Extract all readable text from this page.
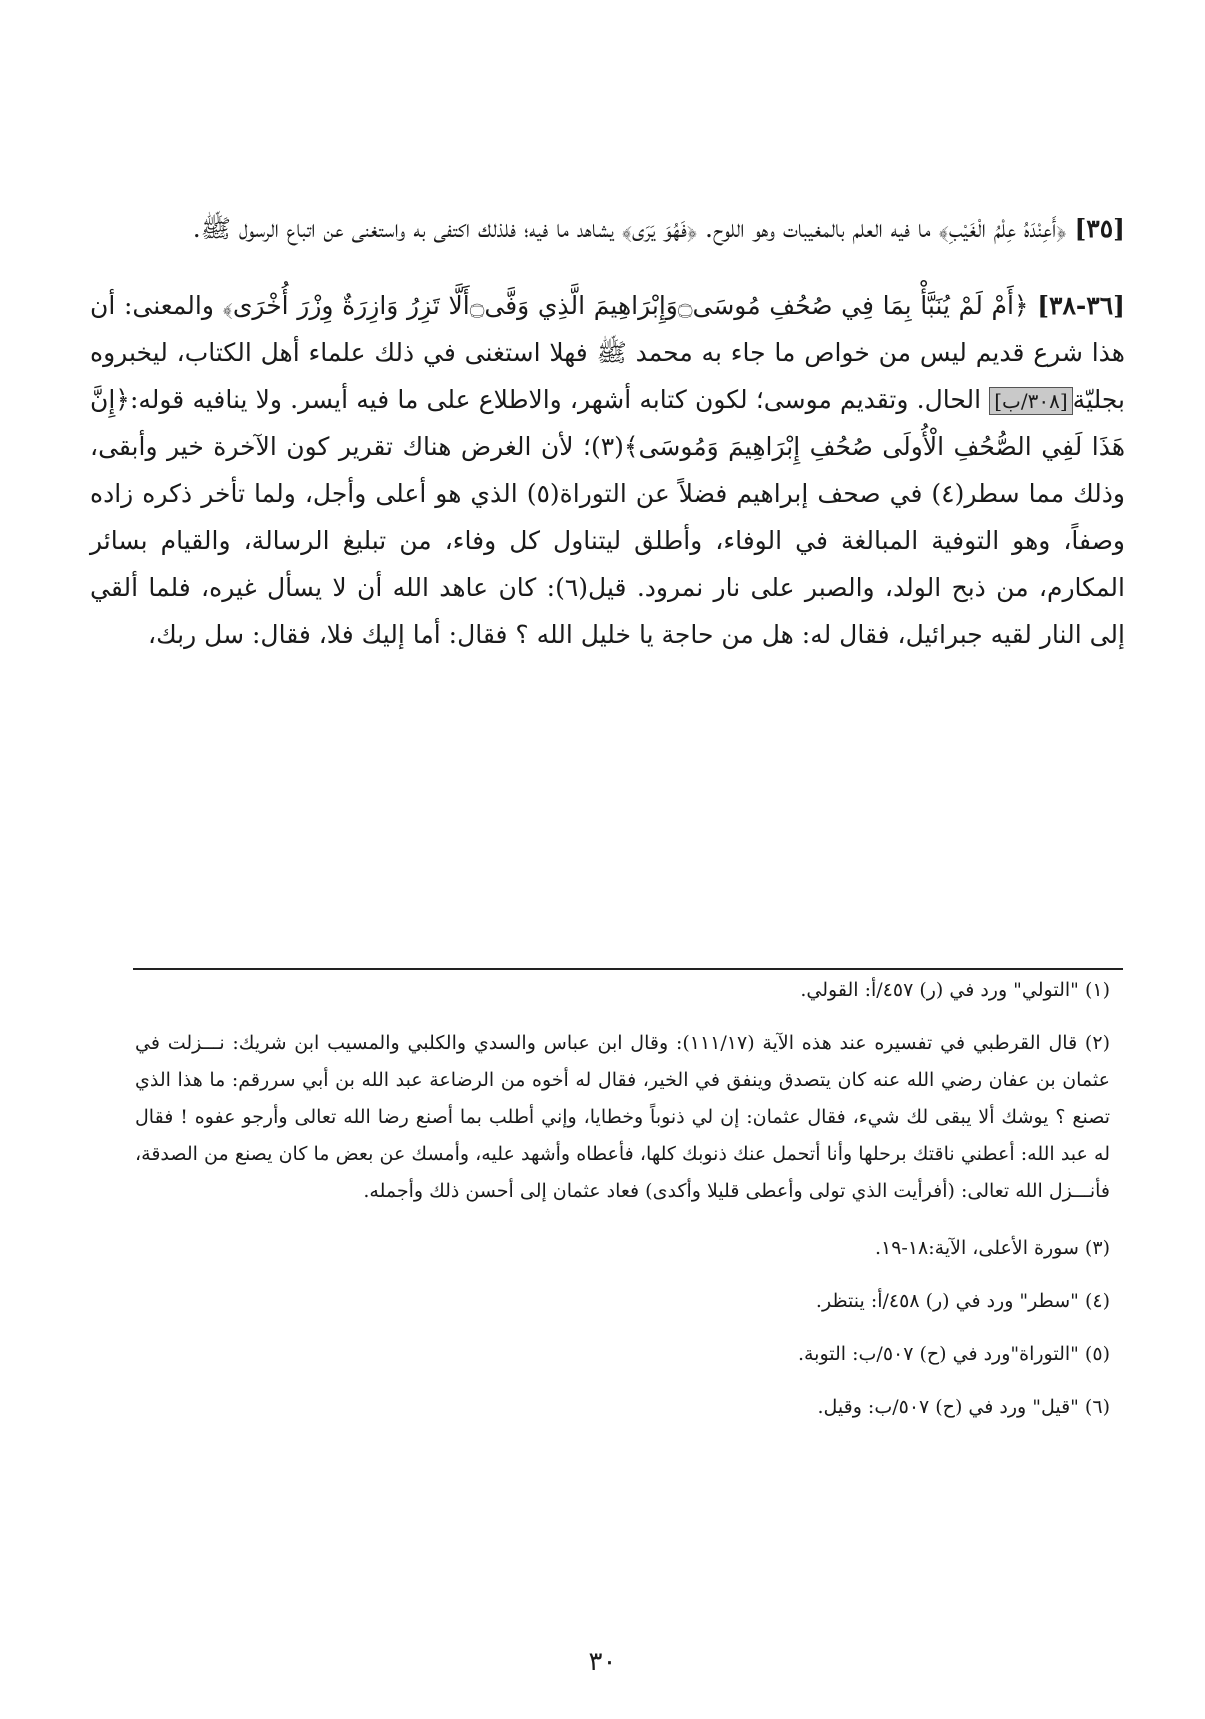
[٣٥] ﴿أَعِنْدَهُ عِلْمُ الْغَيْبِ﴾ ما فيه العلم بالمغيبات وهو اللوح. ﴿فَهُوَ يَرَى﴾ يشاهد ما فيه؛ فلذلك اكتفى به واستغنى عن اتباع الرسول ﷺ.

[٣٦-٣٨] ﴿أَمْ لَمْ يُنَبَّأْ بِمَا فِي صُحُفِ مُوسَى۝وَإِبْرَاهِيمَ الَّذِي وَفَّى۝أَلَّا تَزِرُ وَازِرَةٌ وِزْرَ أُخْرَى﴾ والمعنى: أن هذا شرع قديم ليس من خواص ما جاء به محمد ﷺ فهلا استغنى في ذلك علماء أهل الكتاب، ليخبروه بجليّة[٣٠٨/ب] الحال. وتقديم موسى؛ لكون كتابه أشهر، والاطلاع على ما فيه أيسر. ولا ينافيه قوله:﴿إِنَّ هَذَا لَفِي الصُّحُفِ الْأُولَى صُحُفِ إِبْرَاهِيمَ وَمُوسَى﴾(٣)؛ لأن الغرض هناك تقرير كون الآخرة خير وأبقى، وذلك مما سطر(٤) في صحف إبراهيم فضلاً عن التوراة(٥) الذي هو أعلى وأجل، ولما تأخر ذكره زاده وصفاً، وهو التوفية المبالغة في الوفاء، وأطلق ليتناول كل وفاء، من تبليغ الرسالة، والقيام بسائر المكارم، من ذبح الولد، والصبر على نار نمرود. قيل(٦): كان عاهد الله أن لا يسأل غيره، فلما ألقي إلى النار لقيه جبرائيل، فقال له: هل من حاجة يا خليل الله ؟ فقال: أما إليك فلا، فقال: سل ربك،

(١) "التولي" ورد في (ر) ٤٥٧/أ: القولي.

(٢) قال القرطبي في تفسيره عند هذه الآية (١١١/١٧): وقال ابن عباس والسدي والكلبي والمسيب ابن شريك: نـــزلت في عثمان بن عفان رضي الله عنه كان يتصدق وينفق في الخير، فقال له أخوه من الرضاعة عبد الله بن أبي سررقم: ما هذا الذي تصنع ؟ يوشك ألا يبقى لك شيء، فقال عثمان: إن لي ذنوباً وخطايا، وإني أطلب بما أصنع رضا الله تعالى وأرجو عفوه ! فقال له عبد الله: أعطني ناقتك برحلها وأنا أتحمل عنك ذنوبك كلها، فأعطاه وأشهد عليه، وأمسك عن بعض ما كان يصنع من الصدقة، فأنـــزل الله تعالى: (أفرأيت الذي تولى وأعطى قليلا وأكدى) فعاد عثمان إلى أحسن ذلك وأجمله.

(٣) سورة الأعلى، الآية:١٨-١٩.

(٤) "سطر" ورد في (ر) ٤٥٨/أ: ينتظر.

(٥) "التوراة"ورد في (ح) ٥٠٧/ب: التوبة.

(٦) "قيل" ورد في (ح) ٥٠٧/ب: وقيل.

٣٠
